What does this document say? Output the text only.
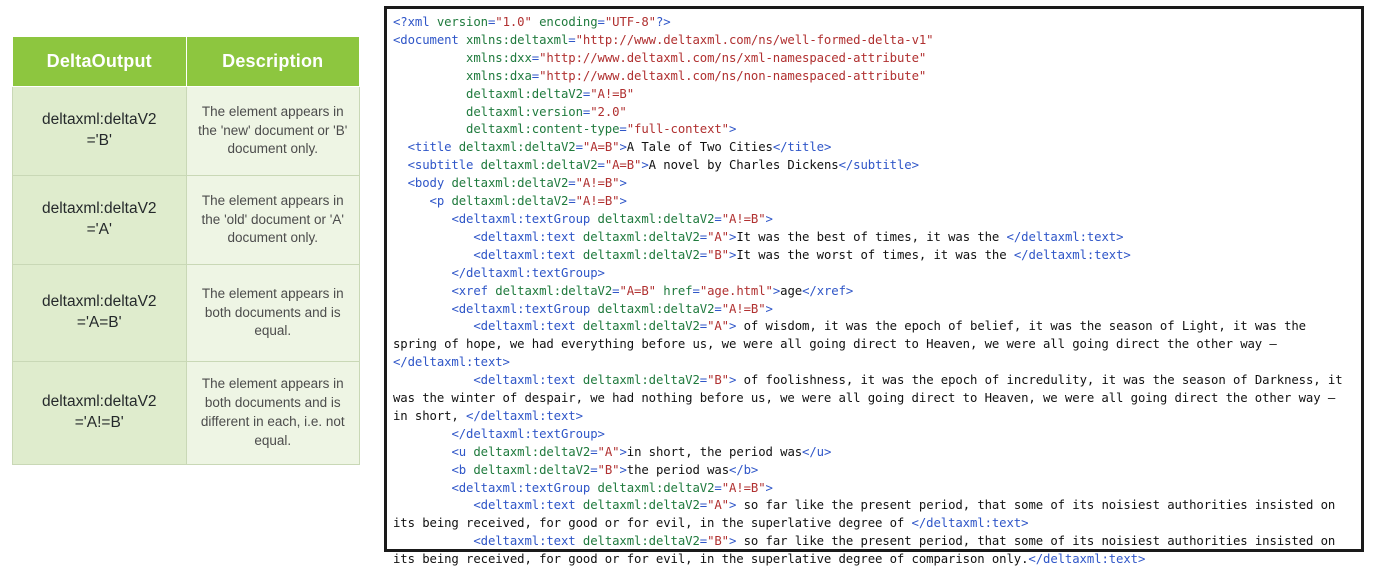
DeltaOutput	Description
deltaxml:deltaV2
='B'	The element appears in the 'new' document or 'B' document only.
deltaxml:deltaV2
='A'	The element appears in the 'old' document or 'A' document only.
deltaxml:deltaV2
='A=B'	The element appears in both documents and is equal.
deltaxml:deltaV2
='A!=B'	The element appears in both documents and is different in each, i.e. not equal.
<?xml version="1.0" encoding="UTF-8"?>
<document xmlns:deltaxml="http://www.deltaxml.com/ns/well-formed-delta-v1"
xmlns:dxx="http://www.deltaxml.com/ns/xml-namespaced-attribute"
xmlns:dxa="http://www.deltaxml.com/ns/non-namespaced-attribute"
deltaxml:deltaV2="A!=B"
deltaxml:version="2.0"
deltaxml:content-type="full-context">
<title deltaxml:deltaV2="A=B">A Tale of Two Cities</title>
<subtitle deltaxml:deltaV2="A=B">A novel by Charles Dickens</subtitle>
<body deltaxml:deltaV2="A!=B">
<p deltaxml:deltaV2="A!=B">
<deltaxml:textGroup deltaxml:deltaV2="A!=B">
<deltaxml:text deltaxml:deltaV2="A">It was the best of times, it was the </deltaxml:text>
<deltaxml:text deltaxml:deltaV2="B">It was the worst of times, it was the </deltaxml:text>
</deltaxml:textGroup>
<xref deltaxml:deltaV2="A=B" href="age.html">age</xref>
<deltaxml:textGroup deltaxml:deltaV2="A!=B">
<deltaxml:text deltaxml:deltaV2="A"> of wisdom, it was the epoch of belief, it was the season of Light, it was the spring of hope, we had everything before us, we were all going direct to Heaven, we were all going direct the other way – </deltaxml:text>
<deltaxml:text deltaxml:deltaV2="B"> of foolishness, it was the epoch of incredulity, it was the season of Darkness, it was the winter of despair, we had nothing before us, we were all going direct to Heaven, we were all going direct the other way – in short, </deltaxml:text>
</deltaxml:textGroup>
<u deltaxml:deltaV2="A">in short, the period was</u>
<b deltaxml:deltaV2="B">the period was</b>
<deltaxml:textGroup deltaxml:deltaV2="A!=B">
<deltaxml:text deltaxml:deltaV2="A"> so far like the present period, that some of its noisiest authorities insisted on its being received, for good or for evil, in the superlative degree of </deltaxml:text>
<deltaxml:text deltaxml:deltaV2="B"> so far like the present period, that some of its noisiest authorities insisted on its being received, for good or for evil, in the superlative degree of comparison only.</deltaxml:text>
